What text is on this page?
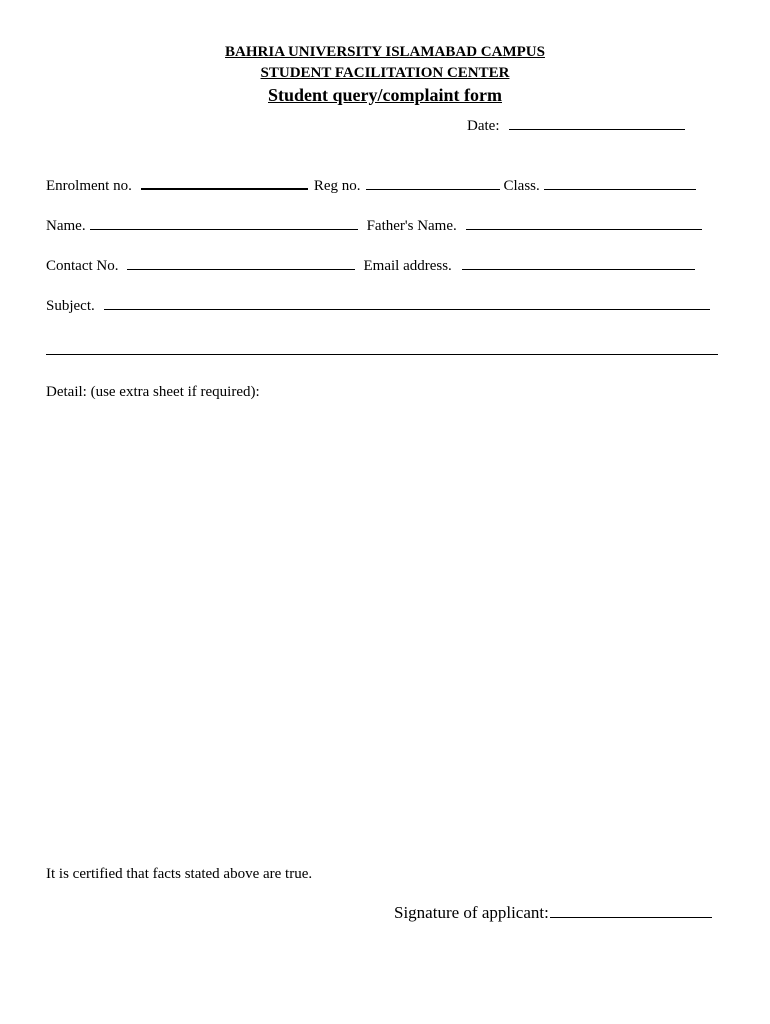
BAHRIA UNIVERSITY ISLAMABAD CAMPUS
STUDENT FACILITATION CENTER
Student query/complaint form
Date:
Enrolment no.	Reg no.	Class.
Name.	Father's Name.
Contact No.	Email address.
Subject.
Detail: (use extra sheet if required):
It is certified that facts stated above are true.
Signature of applicant:
